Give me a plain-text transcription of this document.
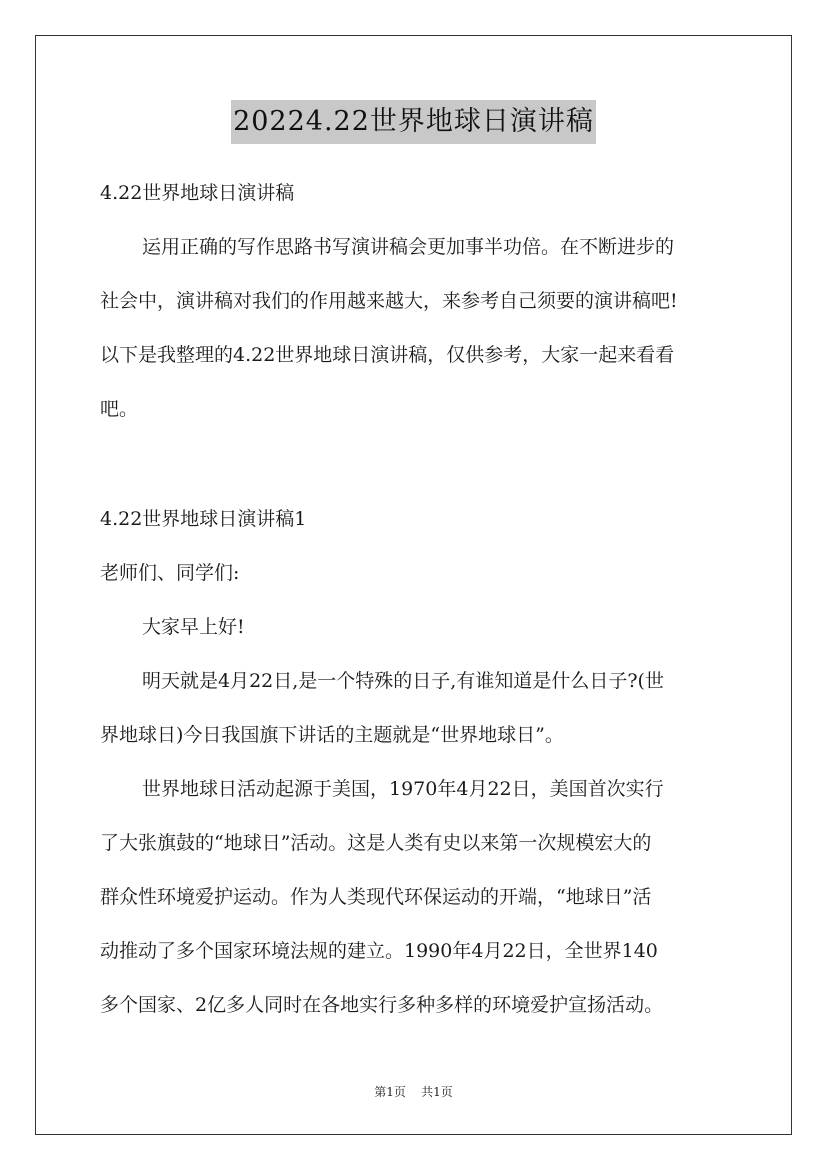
20224.22世界地球日演讲稿
4.22世界地球日演讲稿
运用正确的写作思路书写演讲稿会更加事半功倍。在不断进步的
社会中，演讲稿对我们的作用越来越大，来参考自己须要的演讲稿吧!
以下是我整理的4.22世界地球日演讲稿，仅供参考，大家一起来看看
吧。
4.22世界地球日演讲稿1
老师们、同学们:
大家早上好!
明天就是4月22日,是一个特殊的日子,有谁知道是什么日子?(世
界地球日)今日我国旗下讲话的主题就是“世界地球日”。
世界地球日活动起源于美国，1970年4月22日，美国首次实行
了大张旗鼓的“地球日”活动。这是人类有史以来第一次规模宏大的
群众性环境爱护运动。作为人类现代环保运动的开端，“地球日”活
动推动了多个国家环境法规的建立。1990年4月22日，全世界140
多个国家、2亿多人同时在各地实行多种多样的环境爱护宣扬活动。
第1页 共1页
